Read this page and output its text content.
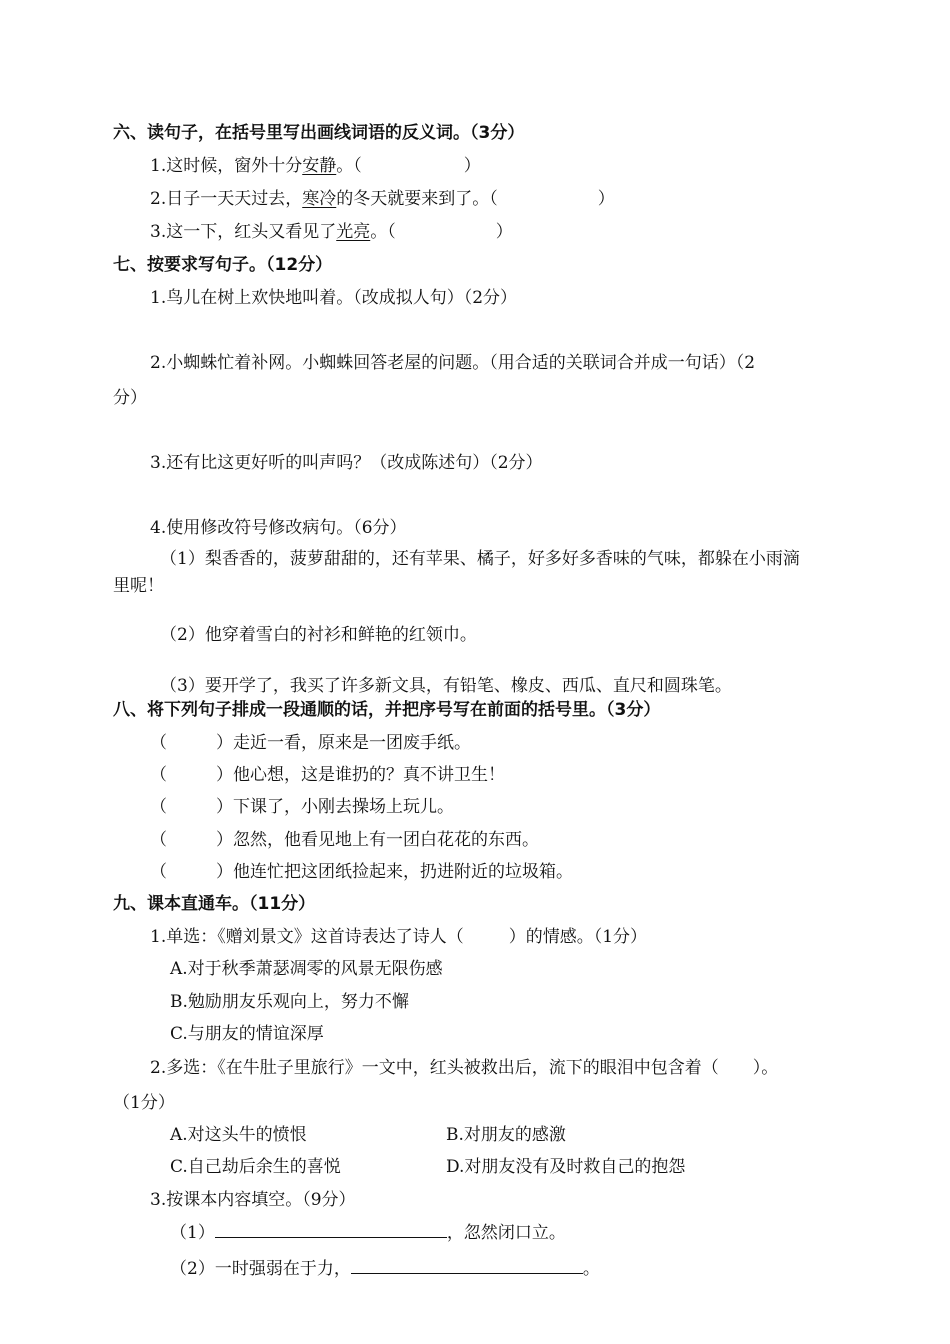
六、读句子，在括号里写出画线词语的反义词。（3分）
1.这时候，窗外十分安静。（	）
2.日子一天天过去，寒冷的冬天就要来到了。（	）
3.这一下，红头又看见了光亮。（	）
七、按要求写句子。（12分）
1.鸟儿在树上欢快地叫着。（改成拟人句）（2分）
2.小蜘蛛忙着补网。小蜘蛛回答老屋的问题。（用合适的关联词合并成一句话）（2
分）
3.还有比这更好听的叫声吗？（改成陈述句）（2分）
4.使用修改符号修改病句。（6分）
（1）梨香香的，菠萝甜甜的，还有苹果、橘子，好多好多香味的气味，都躲在小雨滴
里呢！
（2）他穿着雪白的衬衫和鲜艳的红领巾。
（3）要开学了，我买了许多新文具，有铅笔、橡皮、西瓜、直尺和圆珠笔。
八、将下列句子排成一段通顺的话，并把序号写在前面的括号里。（3分）
（	）走近一看，原来是一团废手纸。
（	）他心想，这是谁扔的？真不讲卫生！
（	）下课了，小刚去操场上玩儿。
（	）忽然，他看见地上有一团白花花的东西。
（	）他连忙把这团纸捡起来，扔进附近的垃圾箱。
九、课本直通车。（11分）
1.单选：《赠刘景文》这首诗表达了诗人（	）的情感。（1分）
A.对于秋季萧瑟凋零的风景无限伤感
B.勉励朋友乐观向上，努力不懈
C.与朋友的情谊深厚
2.多选：《在牛肚子里旅行》一文中，红头被救出后，流下的眼泪中包含着（ ）。
（1分）
A.对这头牛的愤恨	B.对朋友的感激
C.自己劫后余生的喜悦	D.对朋友没有及时救自己的抱怨
3.按课本内容填空。（9分）
（1）	，忽然闭口立。
（2）一时强弱在于力，	。
